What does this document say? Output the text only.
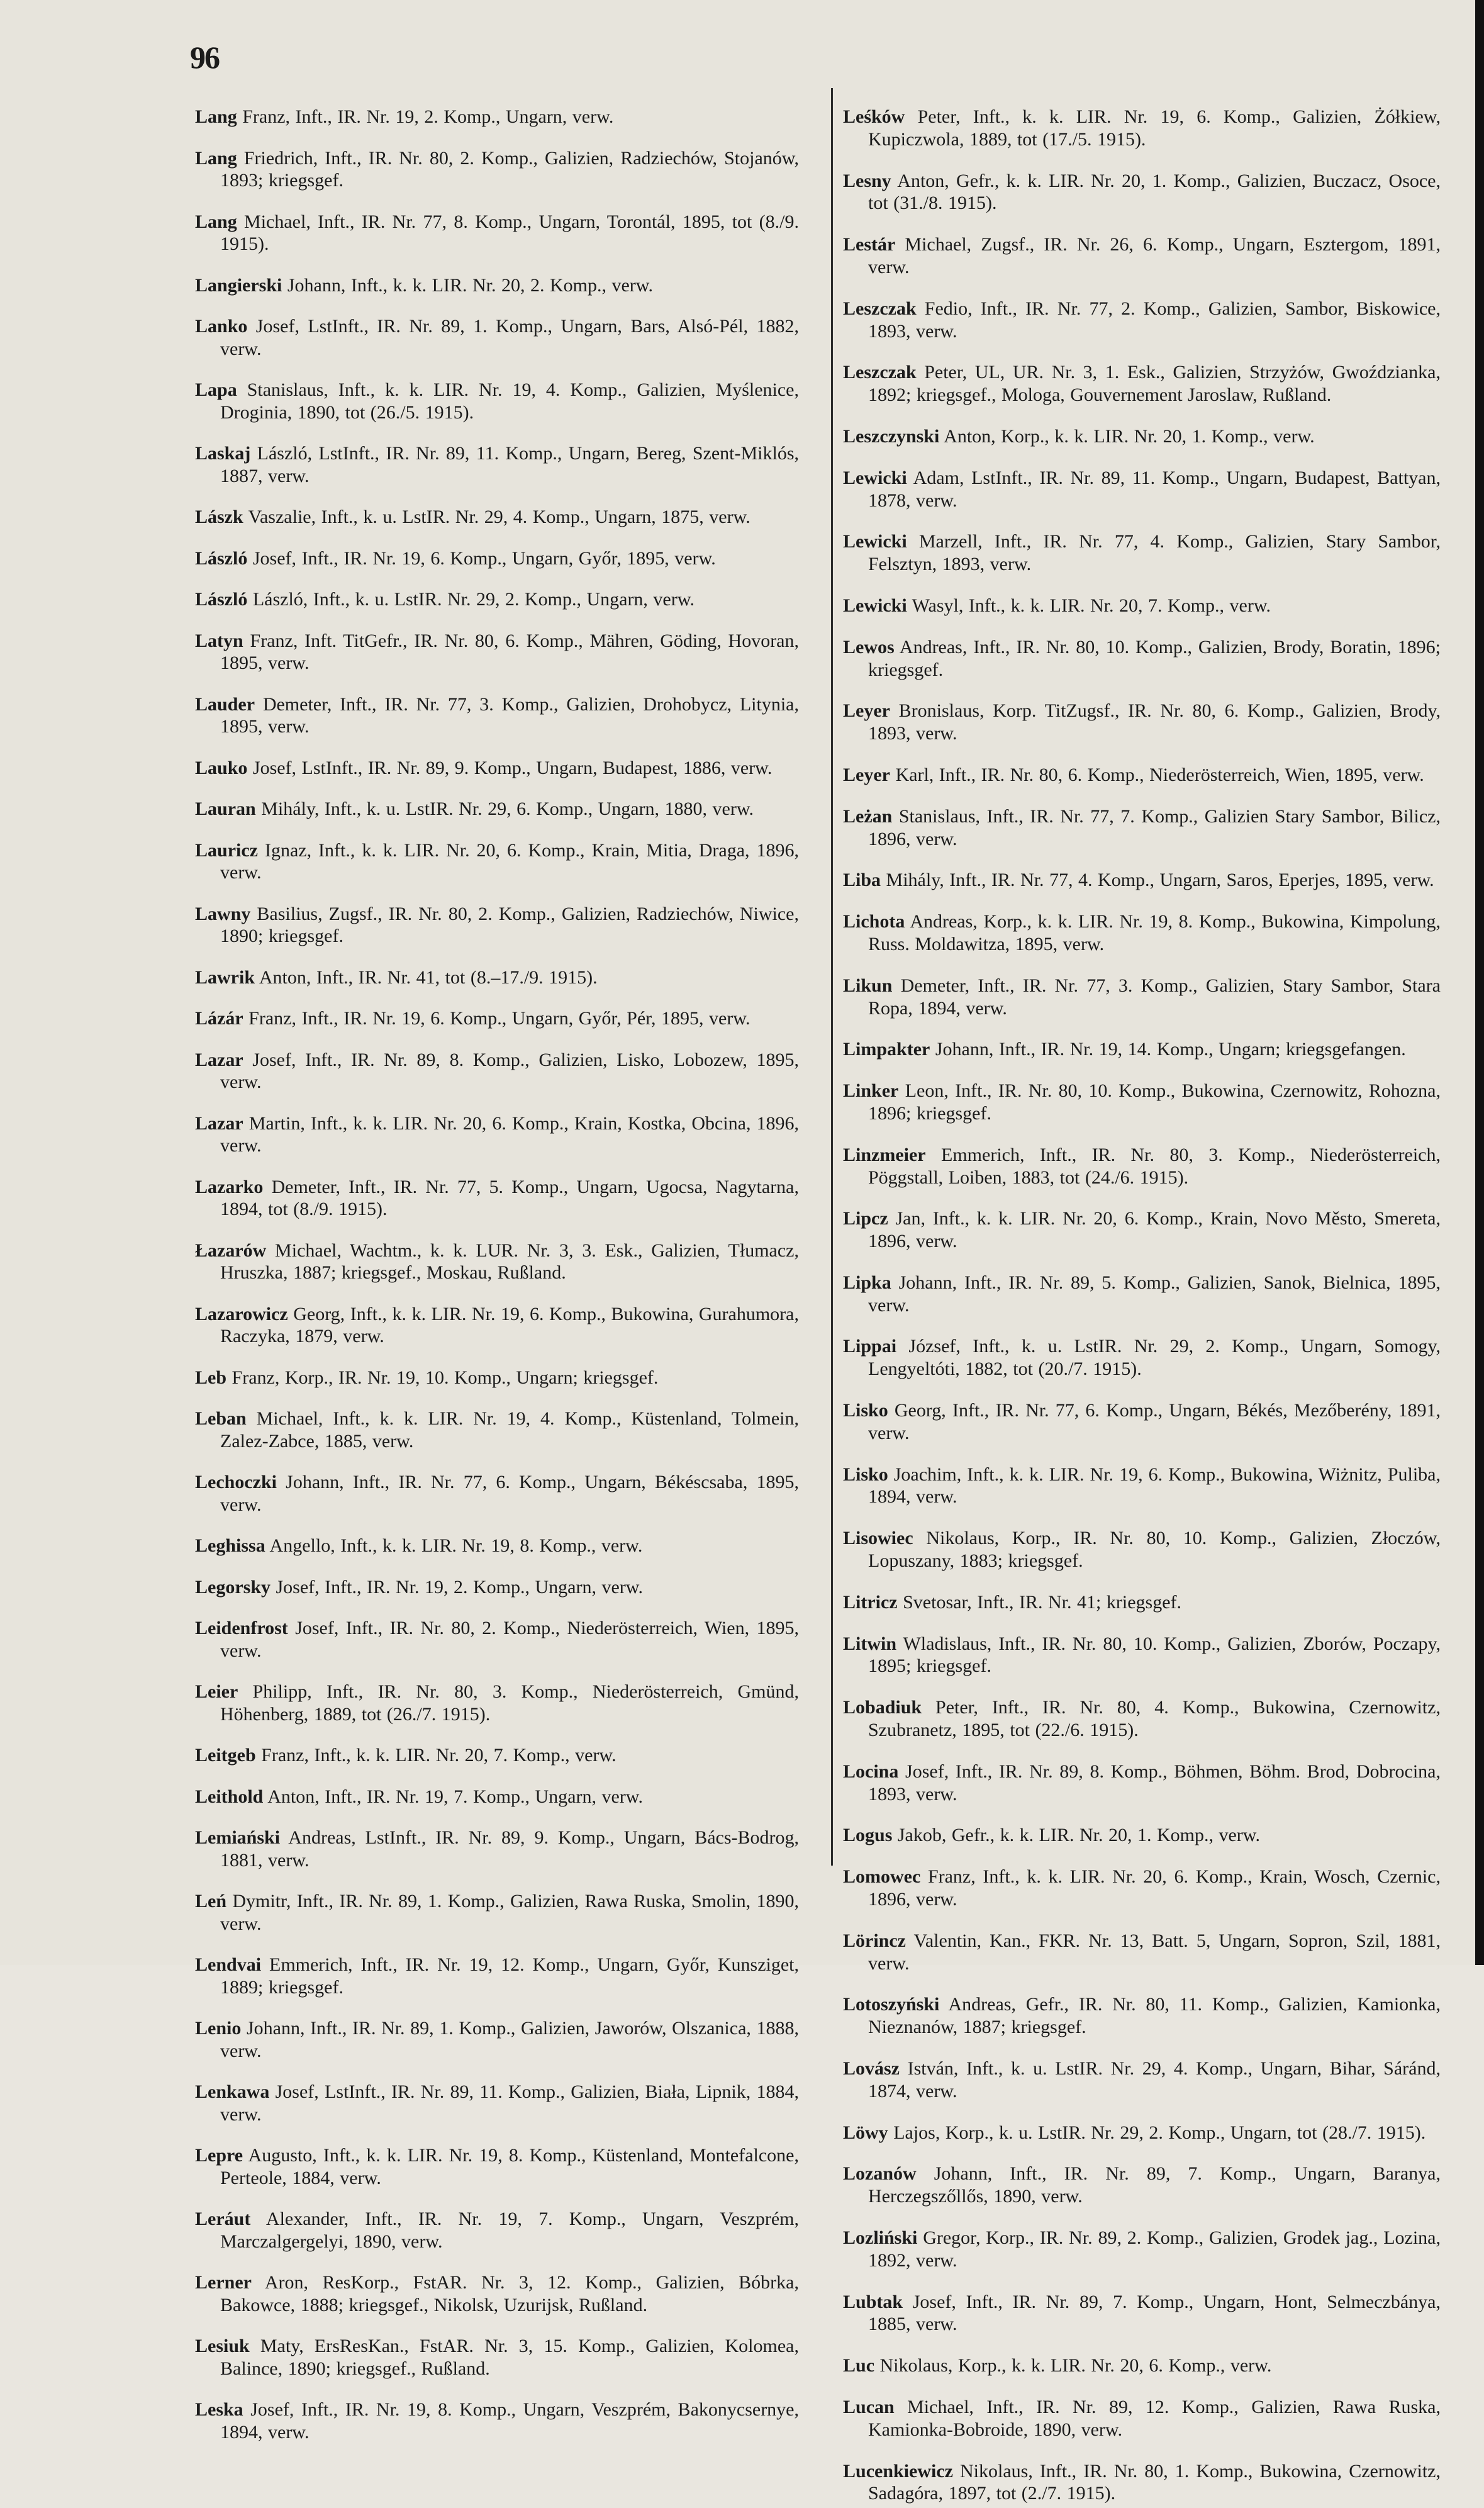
96

Lang Franz, Inft., IR. Nr. 19, 2. Komp., Ungarn, verw.

Lang Friedrich, Inft., IR. Nr. 80, 2. Komp., Galizien, Radziechów, Stojanów, 1893; kriegsgef.

Lang Michael, Inft., IR. Nr. 77, 8. Komp., Ungarn, Torontál, 1895, tot (8./9. 1915).

Langierski Johann, Inft., k. k. LIR. Nr. 20, 2. Komp., verw.

Lanko Josef, LstInft., IR. Nr. 89, 1. Komp., Ungarn, Bars, Alsó-Pél, 1882, verw.

Lapa Stanislaus, Inft., k. k. LIR. Nr. 19, 4. Komp., Galizien, Myślenice, Droginia, 1890, tot (26./5. 1915).

Laskaj László, LstInft., IR. Nr. 89, 11. Komp., Ungarn, Bereg, Szent-Miklós, 1887, verw.

Lászk Vaszalie, Inft., k. u. LstIR. Nr. 29, 4. Komp., Ungarn, 1875, verw.

László Josef, Inft., IR. Nr. 19, 6. Komp., Ungarn, Győr, 1895, verw.

László László, Inft., k. u. LstIR. Nr. 29, 2. Komp., Ungarn, verw.

Latyn Franz, Inft. TitGefr., IR. Nr. 80, 6. Komp., Mähren, Göding, Hovoran, 1895, verw.

Lauder Demeter, Inft., IR. Nr. 77, 3. Komp., Galizien, Drohobycz, Litynia, 1895, verw.

Lauko Josef, LstInft., IR. Nr. 89, 9. Komp., Ungarn, Budapest, 1886, verw.

Lauran Mihály, Inft., k. u. LstIR. Nr. 29, 6. Komp., Ungarn, 1880, verw.

Lauricz Ignaz, Inft., k. k. LIR. Nr. 20, 6. Komp., Krain, Mitia, Draga, 1896, verw.

Lawny Basilius, Zugsf., IR. Nr. 80, 2. Komp., Galizien, Radziechów, Niwice, 1890; kriegsgef.

Lawrik Anton, Inft., IR. Nr. 41, tot (8.–17./9. 1915).

Lázár Franz, Inft., IR. Nr. 19, 6. Komp., Ungarn, Győr, Pér, 1895, verw.

Lazar Josef, Inft., IR. Nr. 89, 8. Komp., Galizien, Lisko, Lobozew, 1895, verw.

Lazar Martin, Inft., k. k. LIR. Nr. 20, 6. Komp., Krain, Kostka, Obcina, 1896, verw.

Lazarko Demeter, Inft., IR. Nr. 77, 5. Komp., Ungarn, Ugocsa, Nagytarna, 1894, tot (8./9. 1915).

Łazarów Michael, Wachtm., k. k. LUR. Nr. 3, 3. Esk., Galizien, Tłumacz, Hruszka, 1887; kriegsgef., Moskau, Rußland.

Lazarowicz Georg, Inft., k. k. LIR. Nr. 19, 6. Komp., Bukowina, Gurahumora, Raczyka, 1879, verw.

Leb Franz, Korp., IR. Nr. 19, 10. Komp., Ungarn; kriegsgef.

Leban Michael, Inft., k. k. LIR. Nr. 19, 4. Komp., Küstenland, Tolmein, Zalez-Zabce, 1885, verw.

Lechoczki Johann, Inft., IR. Nr. 77, 6. Komp., Ungarn, Békéscsaba, 1895, verw.

Leghissa Angello, Inft., k. k. LIR. Nr. 19, 8. Komp., verw.

Legorsky Josef, Inft., IR. Nr. 19, 2. Komp., Ungarn, verw.

Leidenfrost Josef, Inft., IR. Nr. 80, 2. Komp., Niederösterreich, Wien, 1895, verw.

Leier Philipp, Inft., IR. Nr. 80, 3. Komp., Niederösterreich, Gmünd, Höhenberg, 1889, tot (26./7. 1915).

Leitgeb Franz, Inft., k. k. LIR. Nr. 20, 7. Komp., verw.

Leithold Anton, Inft., IR. Nr. 19, 7. Komp., Ungarn, verw.

Lemiański Andreas, LstInft., IR. Nr. 89, 9. Komp., Ungarn, Bács-Bodrog, 1881, verw.

Leń Dymitr, Inft., IR. Nr. 89, 1. Komp., Galizien, Rawa Ruska, Smolin, 1890, verw.

Lendvai Emmerich, Inft., IR. Nr. 19, 12. Komp., Ungarn, Győr, Kunsziget, 1889; kriegsgef.

Lenio Johann, Inft., IR. Nr. 89, 1. Komp., Galizien, Jaworów, Olszanica, 1888, verw.

Lenkawa Josef, LstInft., IR. Nr. 89, 11. Komp., Galizien, Biała, Lipnik, 1884, verw.

Lepre Augusto, Inft., k. k. LIR. Nr. 19, 8. Komp., Küstenland, Montefalcone, Perteole, 1884, verw.

Leráut Alexander, Inft., IR. Nr. 19, 7. Komp., Ungarn, Veszprém, Marczalgergelyi, 1890, verw.

Lerner Aron, ResKorp., FstAR. Nr. 3, 12. Komp., Galizien, Bóbrka, Bakowce, 1888; kriegsgef., Nikolsk, Uzurijsk, Rußland.

Lesiuk Maty, ErsResKan., FstAR. Nr. 3, 15. Komp., Galizien, Kolomea, Balince, 1890; kriegsgef., Rußland.

Leska Josef, Inft., IR. Nr. 19, 8. Komp., Ungarn, Veszprém, Bakonycsernye, 1894, verw.

Leśków Peter, Inft., k. k. LIR. Nr. 19, 6. Komp., Galizien, Żółkiew, Kupiczwola, 1889, tot (17./5. 1915).

Lesny Anton, Gefr., k. k. LIR. Nr. 20, 1. Komp., Galizien, Buczacz, Osoce, tot (31./8. 1915).

Lestár Michael, Zugsf., IR. Nr. 26, 6. Komp., Ungarn, Esztergom, 1891, verw.

Leszczak Fedio, Inft., IR. Nr. 77, 2. Komp., Galizien, Sambor, Biskowice, 1893, verw.

Leszczak Peter, UL, UR. Nr. 3, 1. Esk., Galizien, Strzyżów, Gwoździanka, 1892; kriegsgef., Mologa, Gouvernement Jaroslaw, Rußland.

Leszczynski Anton, Korp., k. k. LIR. Nr. 20, 1. Komp., verw.

Lewicki Adam, LstInft., IR. Nr. 89, 11. Komp., Ungarn, Budapest, Battyan, 1878, verw.

Lewicki Marzell, Inft., IR. Nr. 77, 4. Komp., Galizien, Stary Sambor, Felsztyn, 1893, verw.

Lewicki Wasyl, Inft., k. k. LIR. Nr. 20, 7. Komp., verw.

Lewos Andreas, Inft., IR. Nr. 80, 10. Komp., Galizien, Brody, Boratin, 1896; kriegsgef.

Leyer Bronislaus, Korp. TitZugsf., IR. Nr. 80, 6. Komp., Galizien, Brody, 1893, verw.

Leyer Karl, Inft., IR. Nr. 80, 6. Komp., Niederösterreich, Wien, 1895, verw.

Leżan Stanislaus, Inft., IR. Nr. 77, 7. Komp., Galizien Stary Sambor, Bilicz, 1896, verw.

Liba Mihály, Inft., IR. Nr. 77, 4. Komp., Ungarn, Saros, Eperjes, 1895, verw.

Lichota Andreas, Korp., k. k. LIR. Nr. 19, 8. Komp., Bukowina, Kimpolung, Russ. Moldawitza, 1895, verw.

Likun Demeter, Inft., IR. Nr. 77, 3. Komp., Galizien, Stary Sambor, Stara Ropa, 1894, verw.

Limpakter Johann, Inft., IR. Nr. 19, 14. Komp., Ungarn; kriegsgefangen.

Linker Leon, Inft., IR. Nr. 80, 10. Komp., Bukowina, Czernowitz, Rohozna, 1896; kriegsgef.

Linzmeier Emmerich, Inft., IR. Nr. 80, 3. Komp., Niederösterreich, Pöggstall, Loiben, 1883, tot (24./6. 1915).

Lipcz Jan, Inft., k. k. LIR. Nr. 20, 6. Komp., Krain, Novo Město, Smereta, 1896, verw.

Lipka Johann, Inft., IR. Nr. 89, 5. Komp., Galizien, Sanok, Bielnica, 1895, verw.

Lippai József, Inft., k. u. LstIR. Nr. 29, 2. Komp., Ungarn, Somogy, Lengyeltóti, 1882, tot (20./7. 1915).

Lisko Georg, Inft., IR. Nr. 77, 6. Komp., Ungarn, Békés, Mezőberény, 1891, verw.

Lisko Joachim, Inft., k. k. LIR. Nr. 19, 6. Komp., Bukowina, Wiżnitz, Puliba, 1894, verw.

Lisowiec Nikolaus, Korp., IR. Nr. 80, 10. Komp., Galizien, Złoczów, Lopuszany, 1883; kriegsgef.

Litricz Svetosar, Inft., IR. Nr. 41; kriegsgef.

Litwin Wladislaus, Inft., IR. Nr. 80, 10. Komp., Galizien, Zborów, Poczapy, 1895; kriegsgef.

Lobadiuk Peter, Inft., IR. Nr. 80, 4. Komp., Bukowina, Czernowitz, Szubranetz, 1895, tot (22./6. 1915).

Locina Josef, Inft., IR. Nr. 89, 8. Komp., Böhmen, Böhm. Brod, Dobrocina, 1893, verw.

Logus Jakob, Gefr., k. k. LIR. Nr. 20, 1. Komp., verw.

Lomowec Franz, Inft., k. k. LIR. Nr. 20, 6. Komp., Krain, Wosch, Czernic, 1896, verw.

Lörincz Valentin, Kan., FKR. Nr. 13, Batt. 5, Ungarn, Sopron, Szil, 1881, verw.

Lotoszyński Andreas, Gefr., IR. Nr. 80, 11. Komp., Galizien, Kamionka, Nieznanów, 1887; kriegsgef.

Lovász István, Inft., k. u. LstIR. Nr. 29, 4. Komp., Ungarn, Bihar, Sáránd, 1874, verw.

Löwy Lajos, Korp., k. u. LstIR. Nr. 29, 2. Komp., Ungarn, tot (28./7. 1915).

Lozanów Johann, Inft., IR. Nr. 89, 7. Komp., Ungarn, Baranya, Herczegszőllős, 1890, verw.

Lozliński Gregor, Korp., IR. Nr. 89, 2. Komp., Galizien, Grodek jag., Lozina, 1892, verw.

Lubtak Josef, Inft., IR. Nr. 89, 7. Komp., Ungarn, Hont, Selmeczbánya, 1885, verw.

Luc Nikolaus, Korp., k. k. LIR. Nr. 20, 6. Komp., verw.

Lucan Michael, Inft., IR. Nr. 89, 12. Komp., Galizien, Rawa Ruska, Kamionka-Bobroide, 1890, verw.

Lucenkiewicz Nikolaus, Inft., IR. Nr. 80, 1. Komp., Bukowina, Czernowitz, Sadagóra, 1897, tot (2./7. 1915).
